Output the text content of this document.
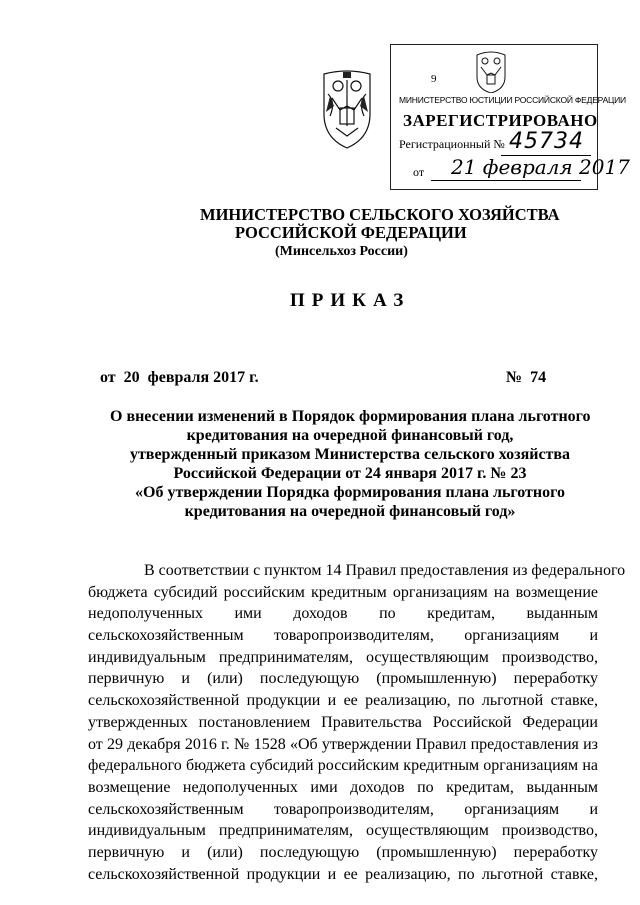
9
МИНИСТЕРСТВО ЮСТИЦИИ РОССИЙСКОЙ ФЕДЕРАЦИИ
ЗАРЕГИСТРИРОВАНО
Регистрационный № 45734
от 21 февраля 2017
МИНИСТЕРСТВО СЕЛЬСКОГО ХОЗЯЙСТВА
РОССИЙСКОЙ ФЕДЕРАЦИИ
(Минсельхоз России)
ПРИКАЗ
от  20  февраля 2017 г.	№  74
О внесении изменений в Порядок формирования плана льготного
кредитования на очередной финансовый год,
утвержденный приказом Министерства сельского хозяйства
Российской Федерации от 24 января 2017 г. № 23
«Об утверждении Порядка формирования плана льготного
кредитования на очередной финансовый год»
В соответствии с пунктом 14 Правил предоставления из федерального
бюджета субсидий российским кредитным организациям на возмещение
недополученных ими доходов по кредитам, выданным
сельскохозяйственным товаропроизводителям, организациям и
индивидуальным предпринимателям, осуществляющим производство,
первичную и (или) последующую (промышленную) переработку
сельскохозяйственной продукции и ее реализацию, по льготной ставке,
утвержденных постановлением Правительства Российской Федерации
от 29 декабря 2016 г. № 1528 «Об утверждении Правил предоставления из
федерального бюджета субсидий российским кредитным организациям на
возмещение недополученных ими доходов по кредитам, выданным
сельскохозяйственным товаропроизводителям, организациям и
индивидуальным предпринимателям, осуществляющим производство,
первичную и (или) последующую (промышленную) переработку
сельскохозяйственной продукции и ее реализацию, по льготной ставке,
